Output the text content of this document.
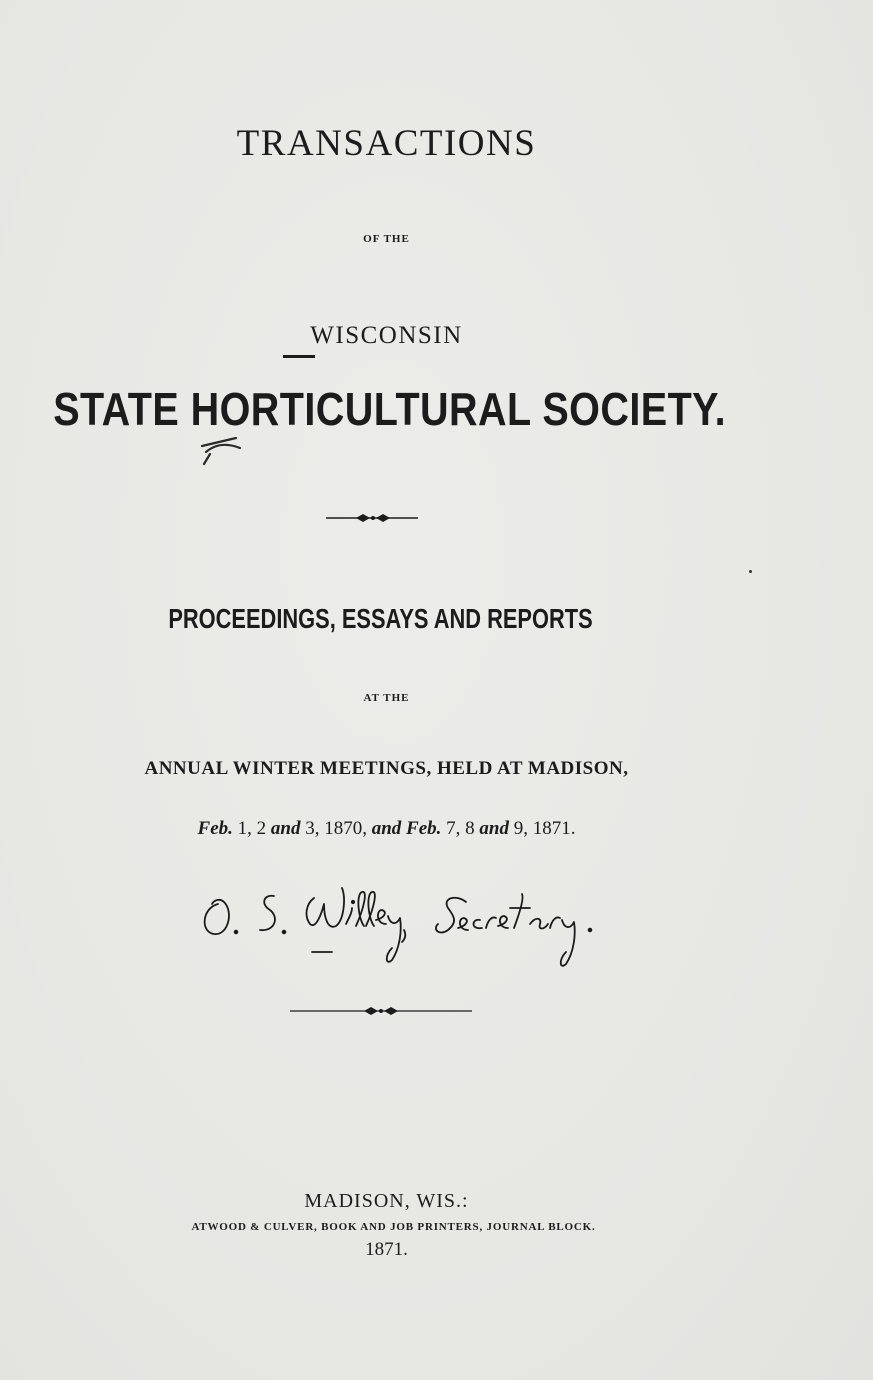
TRANSACTIONS
OF THE
WISCONSIN
STATE HORTICULTURAL SOCIETY.
PROCEEDINGS, ESSAYS AND REPORTS
AT THE
ANNUAL WINTER MEETINGS, HELD AT MADISON,
Feb. 1, 2 and 3, 1870, and Feb. 7, 8 and 9, 1871.
MADISON, WIS.:
ATWOOD & CULVER, BOOK AND JOB PRINTERS, JOURNAL BLOCK.
1871.
